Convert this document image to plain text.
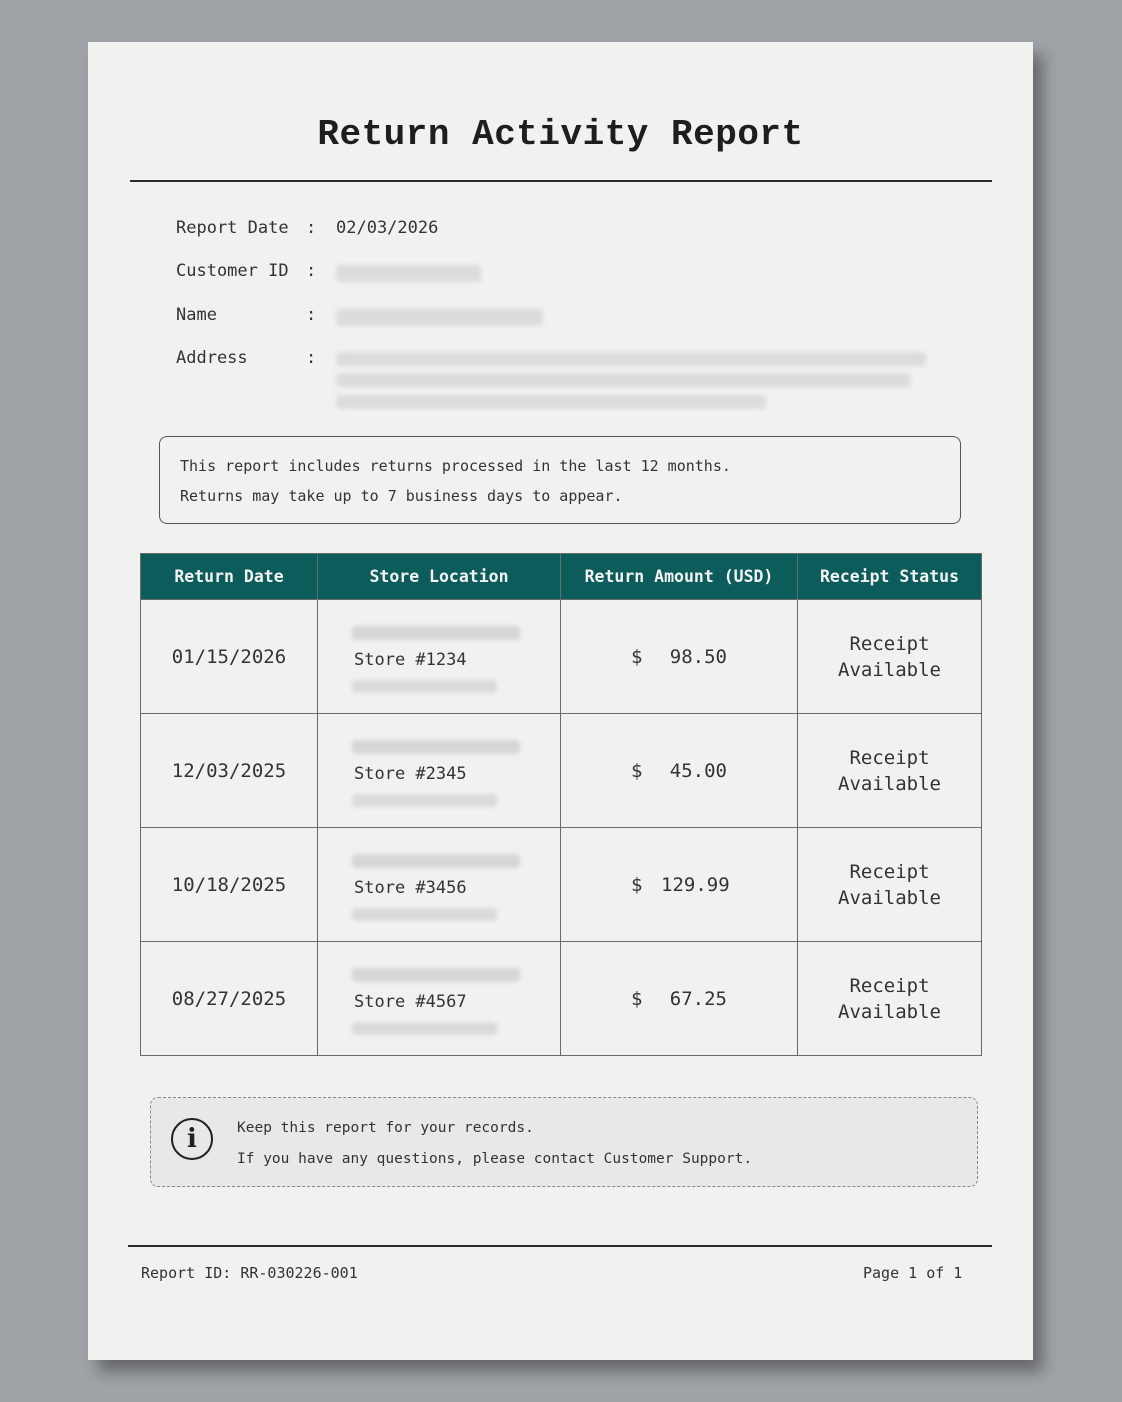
Return Activity Report
Report Date : 02/03/2026
Customer ID :
Name	:
Address	:
This report includes returns processed in the last 12 months.
Returns may take up to 7 business days to appear.
Return Date	Store Location	Return Amount (USD)	Receipt Status
01/15/2026	Store #1234	$ 98.50	Receipt
Available

12/03/2025	Store #2345	$ 45.00	Receipt
Available

10/18/2025	Store #3456	$ 129.99	Receipt
Available

08/27/2025	Store #4567	$ 67.25	Receipt
Available
i	Keep this report for your records.
If you have any questions, please contact Customer Support.
Report ID: RR-030226-001	Page 1 of 1
